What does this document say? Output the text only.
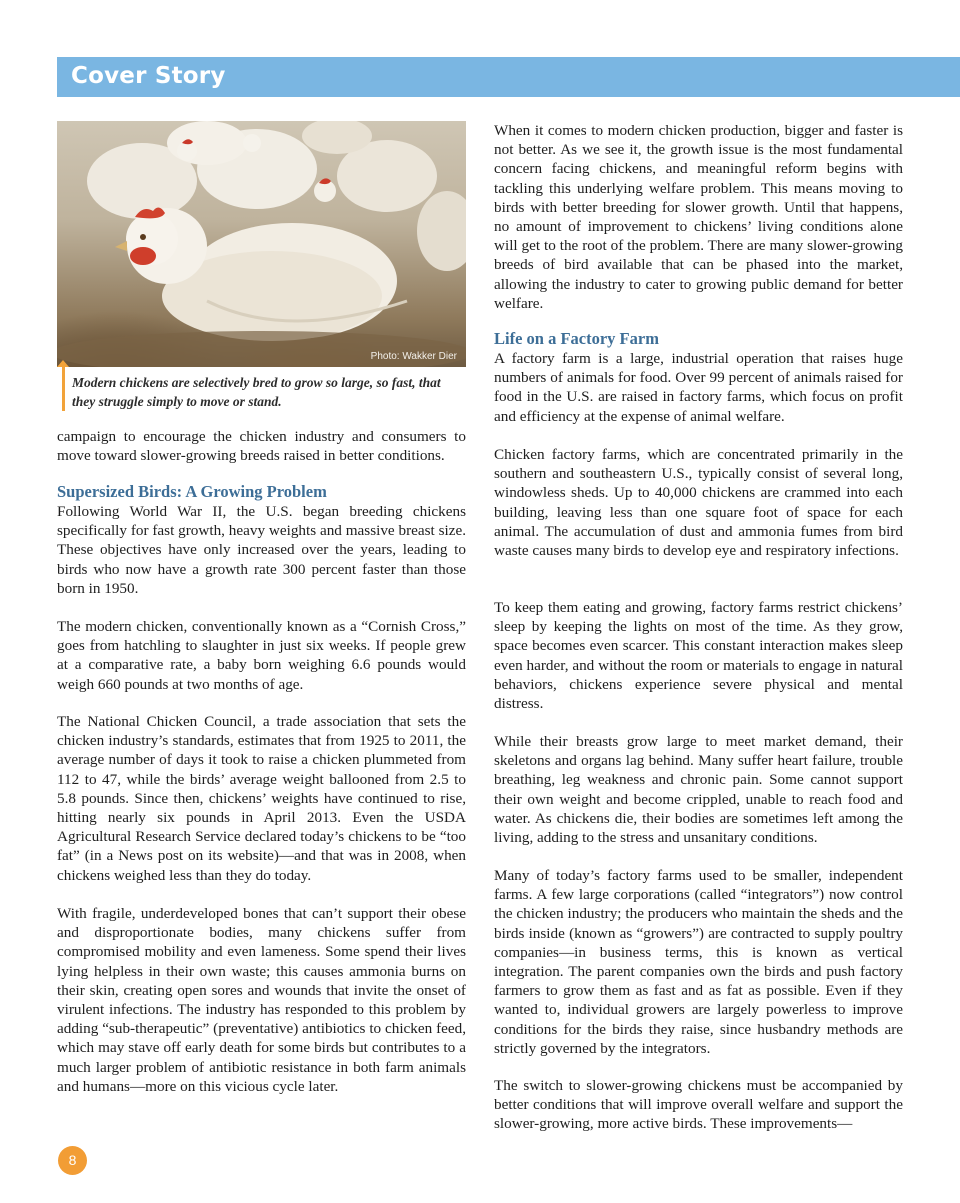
Cover Story
Photo: Wakker Dier
Modern chickens are selectively bred to grow so large, so fast, that they struggle simply to move or stand.

campaign to encourage the chicken industry and consumers to move toward slower-growing breeds raised in better conditions.

Supersized Birds: A Growing Problem

Following World War II, the U.S. began breeding chickens specifically for fast growth, heavy weights and massive breast size. These objectives have only increased over the years, leading to birds who now have a growth rate 300 percent faster than those born in 1950.

The modern chicken, conventionally known as a “Cornish Cross,” goes from hatchling to slaughter in just six weeks. If people grew at a comparative rate, a baby born weighing 6.6 pounds would weigh 660 pounds at two months of age.

The National Chicken Council, a trade association that sets the chicken industry’s standards, estimates that from 1925 to 2011, the average number of days it took to raise a chicken plummeted from 112 to 47, while the birds’ average weight ballooned from 2.5 to 5.8 pounds. Since then, chickens’ weights have continued to rise, hitting nearly six pounds in April 2013. Even the USDA Agricultural Research Service declared today’s chickens to be “too fat” (in a News post on its website)—and that was in 2008, when chickens weighed less than they do today.

With fragile, underdeveloped bones that can’t support their obese and disproportionate bodies, many chickens suffer from compromised mobility and even lameness. Some spend their lives lying helpless in their own waste; this causes ammonia burns on their skin, creating open sores and wounds that invite the onset of virulent infections. The industry has responded to this problem by adding “sub-therapeutic” (preventative) antibiotics to chicken feed, which may stave off early death for some birds but contributes to a much larger problem of antibiotic resistance in both farm animals and humans—more on this vicious cycle later.

When it comes to modern chicken production, bigger and faster is not better. As we see it, the growth issue is the most fundamental concern facing chickens, and meaningful reform begins with tackling this underlying welfare problem. This means moving to birds with better breeding for slower growth. Until that happens, no amount of improvement to chickens’ living conditions alone will get to the root of the problem. There are many slower-growing breeds of bird available that can be phased into the market, allowing the industry to cater to growing public demand for better welfare.

Life on a Factory Farm

A factory farm is a large, industrial operation that raises huge numbers of animals for food. Over 99 percent of animals raised for food in the U.S. are raised in factory farms, which focus on profit and efficiency at the expense of animal welfare.

Chicken factory farms, which are concentrated primarily in the southern and southeastern U.S., typically consist of several long, windowless sheds. Up to 40,000 chickens are crammed into each building, leaving less than one square foot of space for each animal. The accumulation of dust and ammonia fumes from bird waste causes many birds to develop eye and respiratory infections.

To keep them eating and growing, factory farms restrict chickens’ sleep by keeping the lights on most of the time. As they grow, space becomes even scarcer. This constant interaction makes sleep even harder, and without the room or materials to engage in natural behaviors, chickens experience severe physical and mental distress.

While their breasts grow large to meet market demand, their skeletons and organs lag behind. Many suffer heart failure, trouble breathing, leg weakness and chronic pain. Some cannot support their own weight and become crippled, unable to reach food and water. As chickens die, their bodies are sometimes left among the living, adding to the stress and unsanitary conditions.

Many of today’s factory farms used to be smaller, independent farms. A few large corporations (called “integrators”) now control the chicken industry; the producers who maintain the sheds and the birds inside (known as “growers”) are contracted to supply poultry companies—in business terms, this is known as vertical integration. The parent companies own the birds and push factory farmers to grow them as fast and as fat as possible. Even if they wanted to, individual growers are largely powerless to improve conditions for the birds they raise, since husbandry methods are strictly governed by the integrators.

The switch to slower-growing chickens must be accompanied by better conditions that will improve overall welfare and support the slower-growing, more active birds. These improvements—

8
